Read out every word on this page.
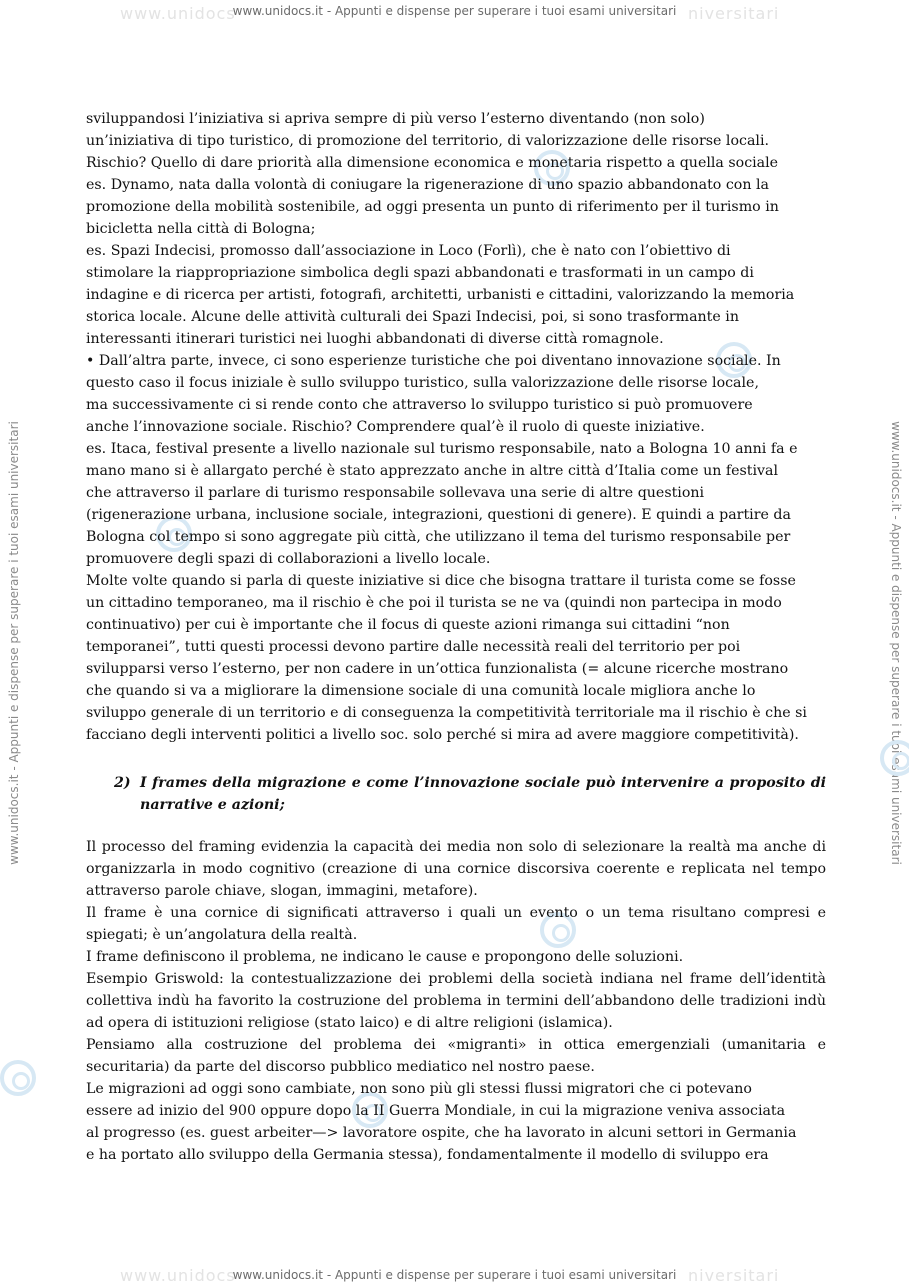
www.unidocs	niversitari
www.unidocs.it - Appunti e dispense per superare i tuoi esami universitari
www.unidocs	niversitari
www.unidocs.it - Appunti e dispense per superare i tuoi esami universitari
www.unidocs.it - Appunti e dispense per superare i tuoi esami universitari	www.unidocs.it - Appunti e dispense per superare i tuoi esami universitari

sviluppandosi l’iniziativa si apriva sempre di più verso l’esterno diventando (non solo)

un’iniziativa di tipo turistico, di promozione del territorio, di valorizzazione delle risorse locali.

Rischio? Quello di dare priorità alla dimensione economica e monetaria rispetto a quella sociale

es. Dynamo, nata dalla volontà di coniugare la rigenerazione di uno spazio abbandonato con la

promozione della mobilità sostenibile, ad oggi presenta un punto di riferimento per il turismo in

bicicletta nella città di Bologna;

es. Spazi Indecisi, promosso dall’associazione in Loco (Forlì), che è nato con l’obiettivo di

stimolare la riappropriazione simbolica degli spazi abbandonati e trasformati in un campo di

indagine e di ricerca per artisti, fotografi, architetti, urbanisti e cittadini, valorizzando la memoria

storica locale. Alcune delle attività culturali dei Spazi Indecisi, poi, si sono trasformante in

interessanti itinerari turistici nei luoghi abbandonati di diverse città romagnole.

• Dall’altra parte, invece, ci sono esperienze turistiche che poi diventano innovazione sociale. In

questo caso il focus iniziale è sullo sviluppo turistico, sulla valorizzazione delle risorse locale,

ma successivamente ci si rende conto che attraverso lo sviluppo turistico si può promuovere

anche l’innovazione sociale. Rischio? Comprendere qual’è il ruolo di queste iniziative.

es. Itaca, festival presente a livello nazionale sul turismo responsabile, nato a Bologna 10 anni fa e

mano mano si è allargato perché è stato apprezzato anche in altre città d’Italia come un festival

che attraverso il parlare di turismo responsabile sollevava una serie di altre questioni

(rigenerazione urbana, inclusione sociale, integrazioni, questioni di genere). E quindi a partire da

Bologna col tempo si sono aggregate più città, che utilizzano il tema del turismo responsabile per

promuovere degli spazi di collaborazioni a livello locale.

Molte volte quando si parla di queste iniziative si dice che bisogna trattare il turista come se fosse

un cittadino temporaneo, ma il rischio è che poi il turista se ne va (quindi non partecipa in modo

continuativo) per cui è importante che il focus di queste azioni rimanga sui cittadini “non

temporanei”, tutti questi processi devono partire dalle necessità reali del territorio per poi

svilupparsi verso l’esterno, per non cadere in un’ottica funzionalista (= alcune ricerche mostrano

che quando si va a migliorare la dimensione sociale di una comunità locale migliora anche lo

sviluppo generale di un territorio e di conseguenza la competitività territoriale ma il rischio è che si

facciano degli interventi politici a livello soc. solo perché si mira ad avere maggiore competitività).

2) I frames della migrazione e come l’innovazione sociale può intervenire a proposito di narrative e azioni;

Il processo del framing evidenzia la capacità dei media non solo di selezionare la realtà ma anche di organizzarla in modo cognitivo (creazione di una cornice discorsiva coerente e replicata nel tempo attraverso parole chiave, slogan, immagini, metafore).

Il frame è una cornice di significati attraverso i quali un evento o un tema risultano compresi e spiegati; è un’angolatura della realtà.

I frame definiscono il problema, ne indicano le cause e propongono delle soluzioni.

Esempio Griswold: la contestualizzazione dei problemi della società indiana nel frame dell’identità collettiva indù ha favorito la costruzione del problema in termini dell’abbandono delle tradizioni indù ad opera di istituzioni religiose (stato laico) e di altre religioni (islamica).

Pensiamo alla costruzione del problema dei «migranti» in ottica emergenziali (umanitaria e securitaria) da parte del discorso pubblico mediatico nel nostro paese.

Le migrazioni ad oggi sono cambiate, non sono più gli stessi flussi migratori che ci potevano

essere ad inizio del 900 oppure dopo la II Guerra Mondiale, in cui la migrazione veniva associata

al progresso (es. guest arbeiter—> lavoratore ospite, che ha lavorato in alcuni settori in Germania

e ha portato allo sviluppo della Germania stessa), fondamentalmente il modello di sviluppo era
